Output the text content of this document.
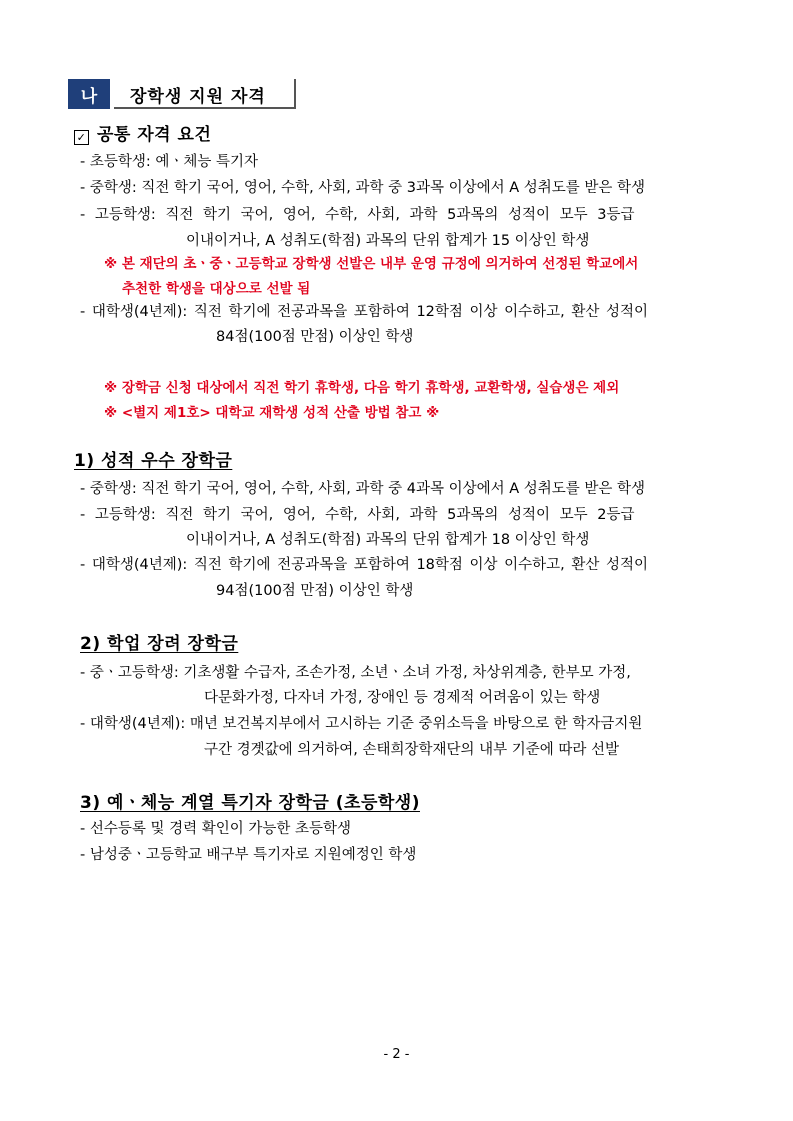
나	장학생 지원 자격
✓ 공통 자격 요건
- 초등학생: 예ㆍ체능 특기자
- 중학생: 직전 학기 국어, 영어, 수학, 사회, 과학 중 3과목 이상에서 A 성취도를 받은 학생
- 고등학생: 직전 학기 국어, 영어, 수학, 사회, 과학 5과목의 성적이 모두 3등급
이내이거나, A 성취도(학점) 과목의 단위 합계가 15 이상인 학생
※ 본 재단의 초ㆍ중ㆍ고등학교 장학생 선발은 내부 운영 규정에 의거하여 선정된 학교에서
추천한 학생을 대상으로 선발 됨
- 대학생(4년제): 직전 학기에 전공과목을 포함하여 12학점 이상 이수하고, 환산 성적이
84점(100점 만점) 이상인 학생
※ 장학금 신청 대상에서 직전 학기 휴학생, 다음 학기 휴학생, 교환학생, 실습생은 제외
※ <별지 제1호> 대학교 재학생 성적 산출 방법 참고 ※
1) 성적 우수 장학금
- 중학생: 직전 학기 국어, 영어, 수학, 사회, 과학 중 4과목 이상에서 A 성취도를 받은 학생
- 고등학생: 직전 학기 국어, 영어, 수학, 사회, 과학 5과목의 성적이 모두 2등급
이내이거나, A 성취도(학점) 과목의 단위 합계가 18 이상인 학생
- 대학생(4년제): 직전 학기에 전공과목을 포함하여 18학점 이상 이수하고, 환산 성적이
94점(100점 만점) 이상인 학생
2) 학업 장려 장학금
- 중ㆍ고등학생: 기초생활 수급자, 조손가정, 소년ㆍ소녀 가정, 차상위계층, 한부모 가정,
다문화가정, 다자녀 가정, 장애인 등 경제적 어려움이 있는 학생
- 대학생(4년제): 매년 보건복지부에서 고시하는 기준 중위소득을 바탕으로 한 학자금지원
구간 경곗값에 의거하여, 손태희장학재단의 내부 기준에 따라 선발
3) 예ㆍ체능 계열 특기자 장학금 (초등학생)
- 선수등록 및 경력 확인이 가능한 초등학생
- 남성중ㆍ고등학교 배구부 특기자로 지원예정인 학생
- 2 -
